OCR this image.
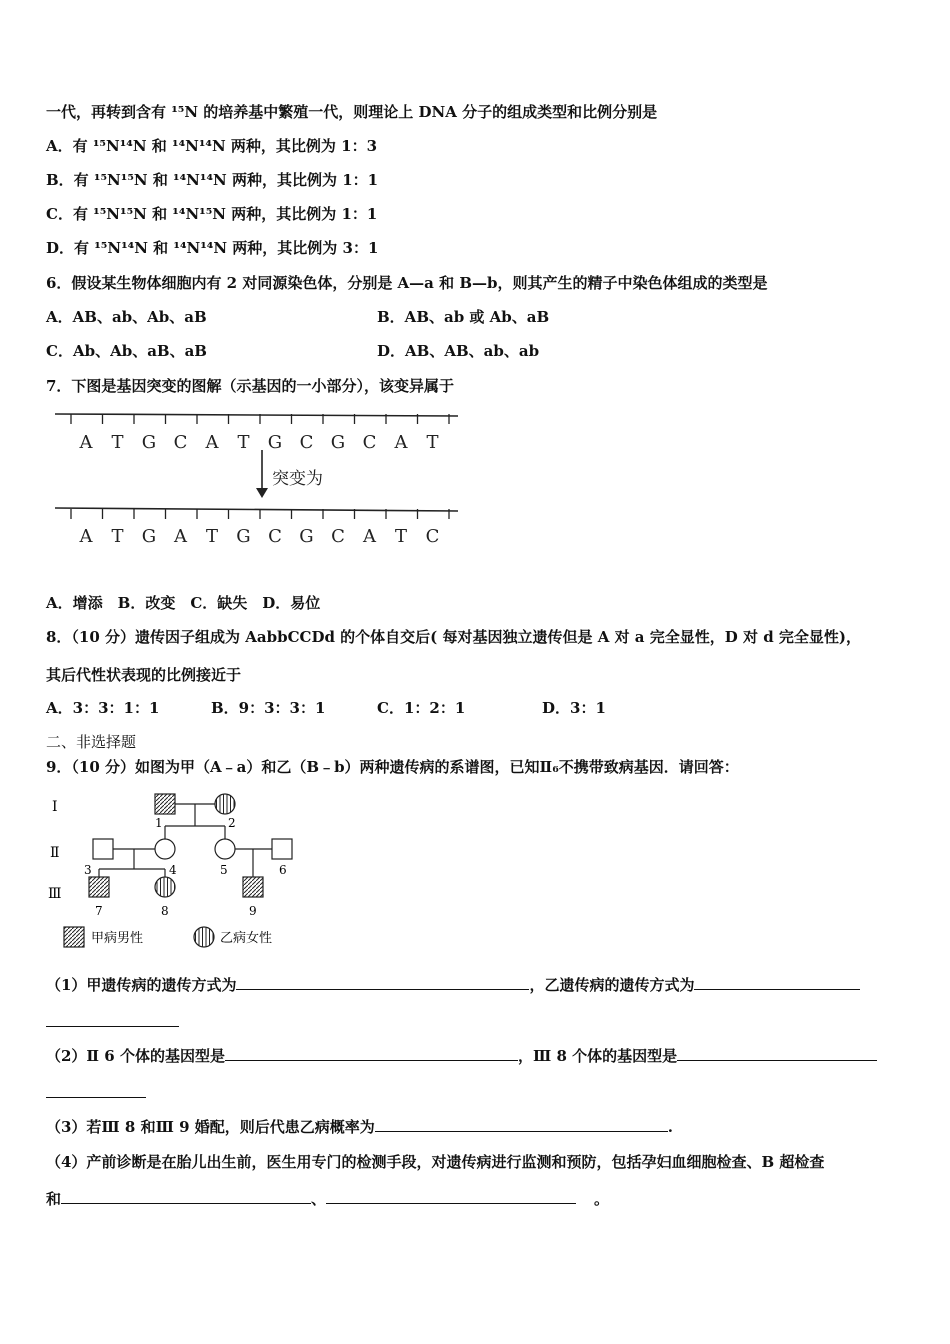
一代，再转到含有 ¹⁵N 的培养基中繁殖一代，则理论上 DNA 分子的组成类型和比例分别是
A．有 ¹⁵N¹⁴N 和 ¹⁴N¹⁴N 两种，其比例为 1：3
B．有 ¹⁵N¹⁵N 和 ¹⁴N¹⁴N 两种，其比例为 1：1
C．有 ¹⁵N¹⁵N 和 ¹⁴N¹⁵N 两种，其比例为 1：1
D．有 ¹⁵N¹⁴N 和 ¹⁴N¹⁴N 两种，其比例为 3：1
6．假设某生物体细胞内有 2 对同源染色体，分别是 A—a 和 B—b，则其产生的精子中染色体组成的类型是
A．AB、ab、Ab、aB	B．AB、ab 或 Ab、aB
C．Ab、Ab、aB、aB	D．AB、AB、ab、ab
7．下图是基因突变的图解（示基因的一小部分），该变异属于
A T G C A T G C G C A T
突变为
A T G A T G C G C A T C
A．增添　B．改变　C．缺失　D．易位
8．（10 分）遗传因子组成为 AabbCCDd 的个体自交后( 每对基因独立遗传但是 A 对 a 完全显性，D 对 d 完全显性)，
其后代性状表现的比例接近于
A．3：3：1：1	B．9：3：3：1	C．1：2：1	D．3：1
二、非选择题
9．（10 分）如图为甲（A﹣a）和乙（B﹣b）两种遗传病的系谱图，已知Ⅱ₆不携带致病基因．请回答：
Ⅰ
Ⅱ
Ⅲ
1	2
3	4	5	6
7	8	9
甲病男性	乙病女性
（1）甲遗传病的遗传方式为	，乙遗传病的遗传方式为
（2）Ⅱ 6 个体的基因型是	，Ⅲ 8 个体的基因型是
（3）若Ⅲ 8 和Ⅲ 9 婚配，则后代患乙病概率为	.
（4）产前诊断是在胎儿出生前，医生用专门的检测手段，对遗传病进行监测和预防，包括孕妇血细胞检查、B 超检查
和	、	。
